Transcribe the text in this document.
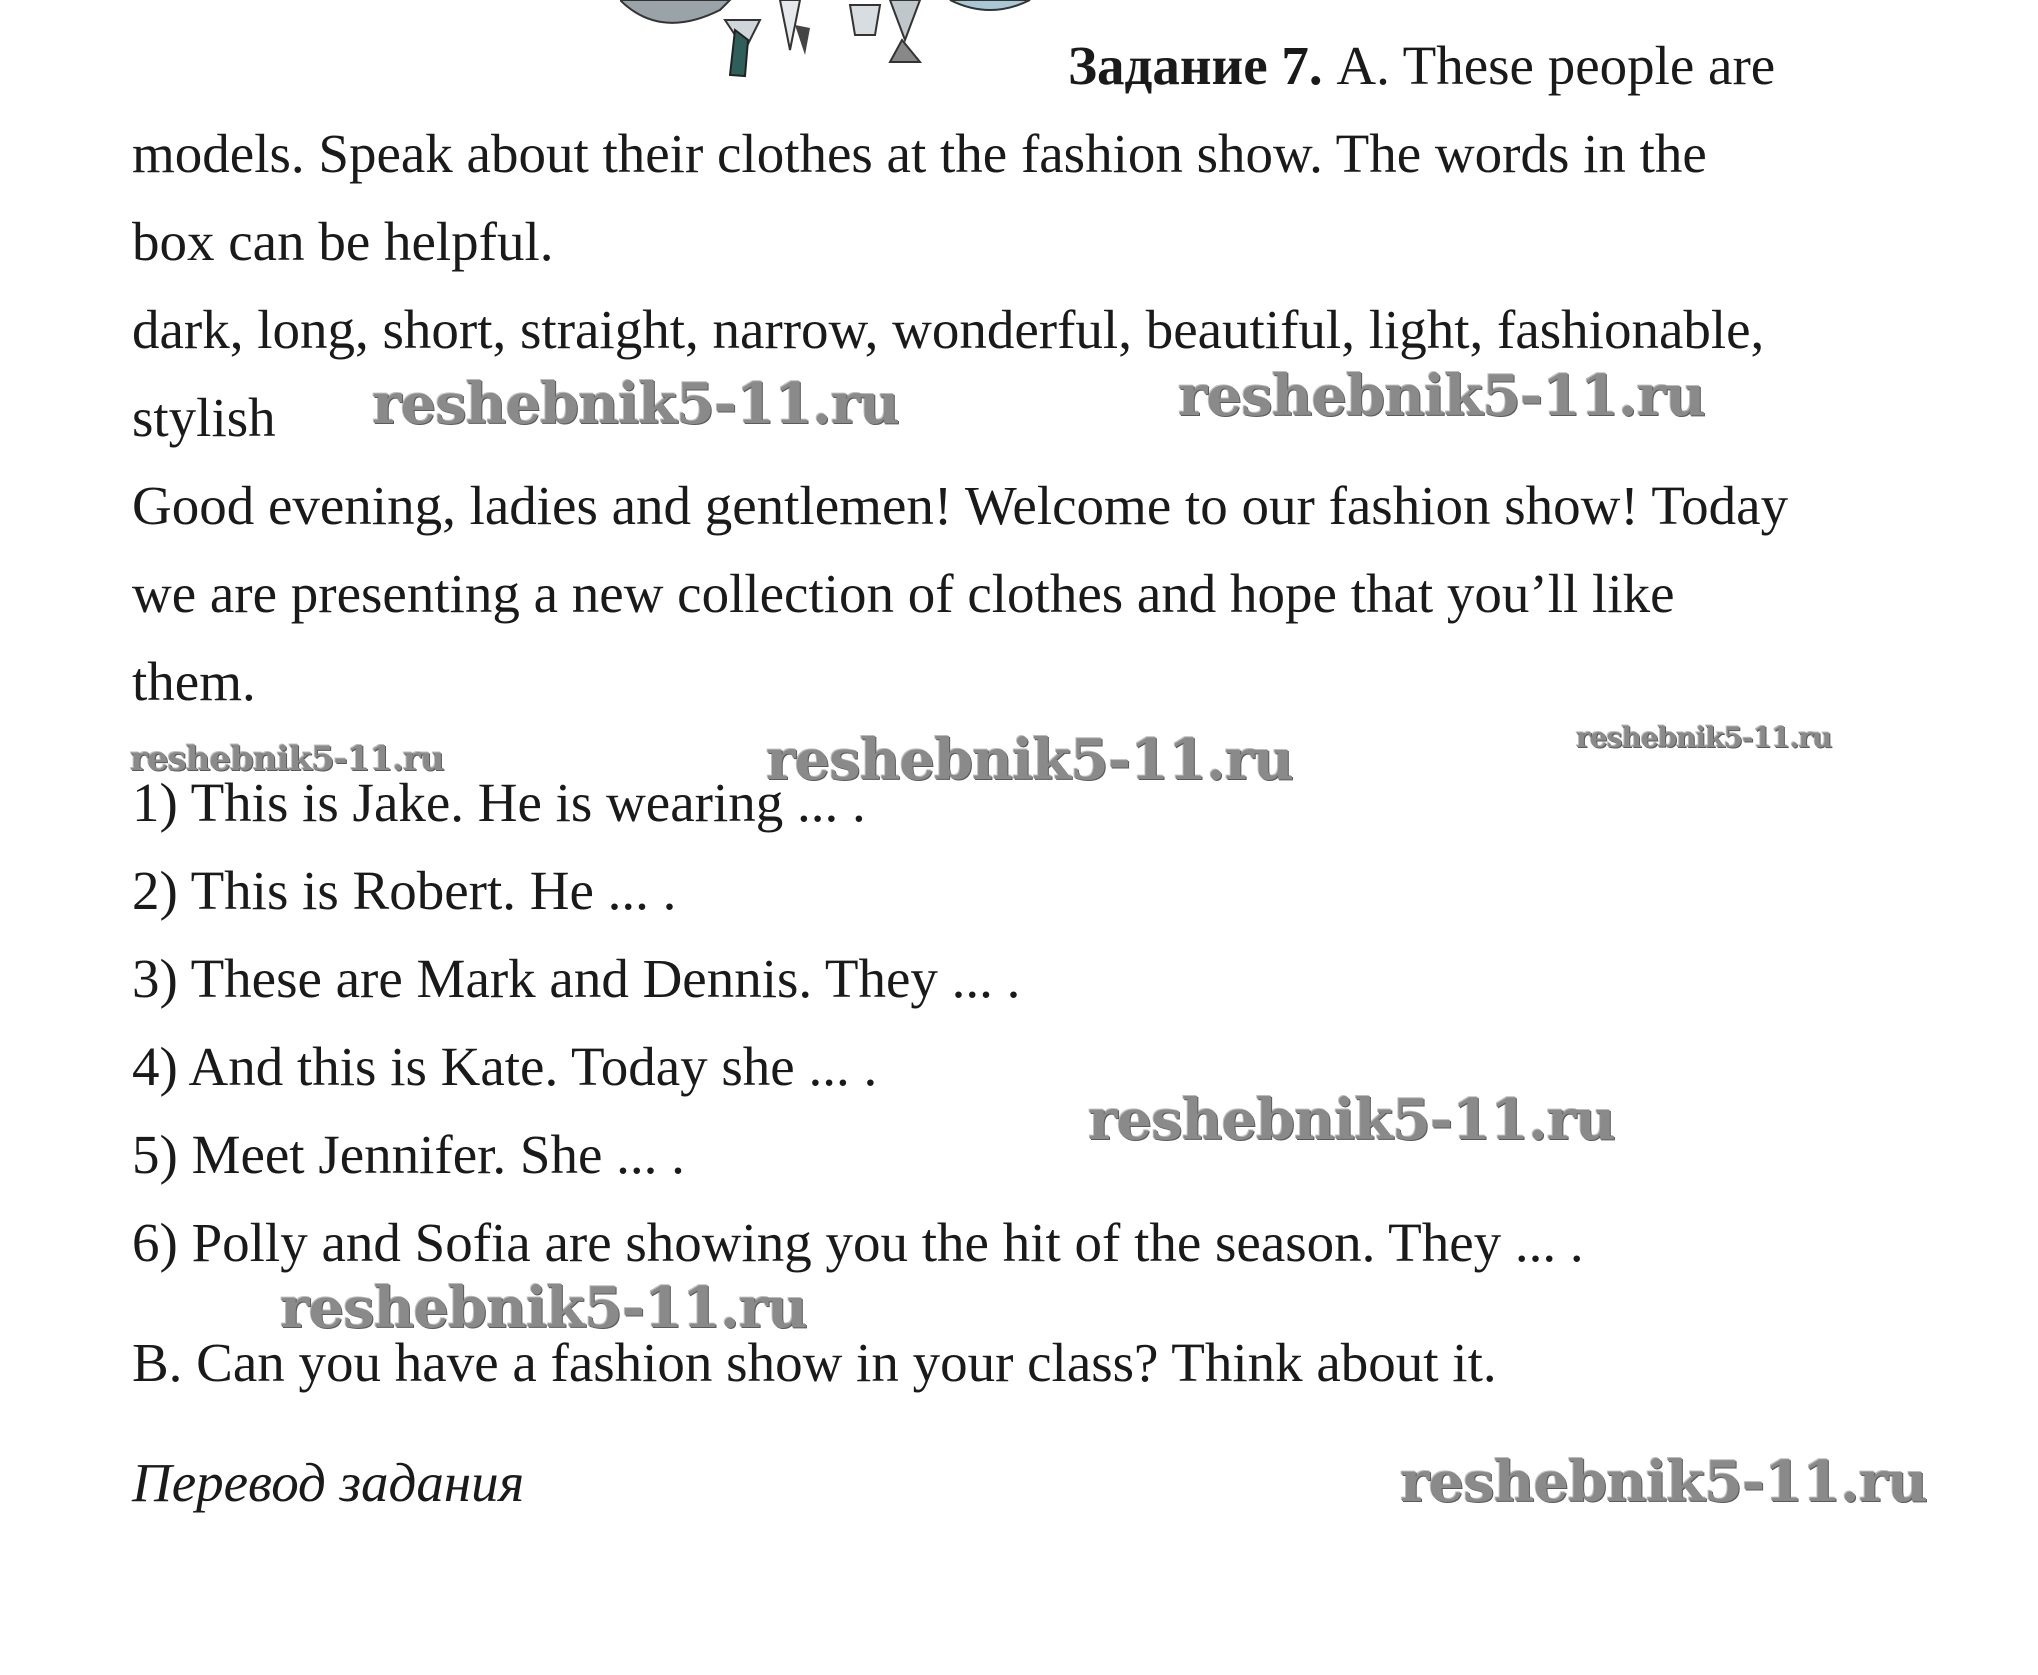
Задание 7. A. These people are
models. Speak about their clothes at the fashion show. The words in the
box can be helpful.
dark, long, short, straight, narrow, wonderful, beautiful, light, fashionable,
stylish
Good evening, ladies and gentlemen! Welcome to our fashion show! Today
we are presenting a new collection of clothes and hope that you’ll like
them.
1) This is Jake. He is wearing ... .
2) This is Robert. He ... .
3) These are Mark and Dennis. They ... .
4) And this is Kate. Today she ... .
5) Meet Jennifer. She ... .
6) Polly and Sofia are showing you the hit of the season. They ... .
B. Can you have a fashion show in your class? Think about it.
Перевод задания
reshebnik5-11.ru	reshebnik5-11.ru
reshebnik5-11.ru	reshebnik5-11.ru	reshebnik5-11.ru
reshebnik5-11.ru
reshebnik5-11.ru
reshebnik5-11.ru
